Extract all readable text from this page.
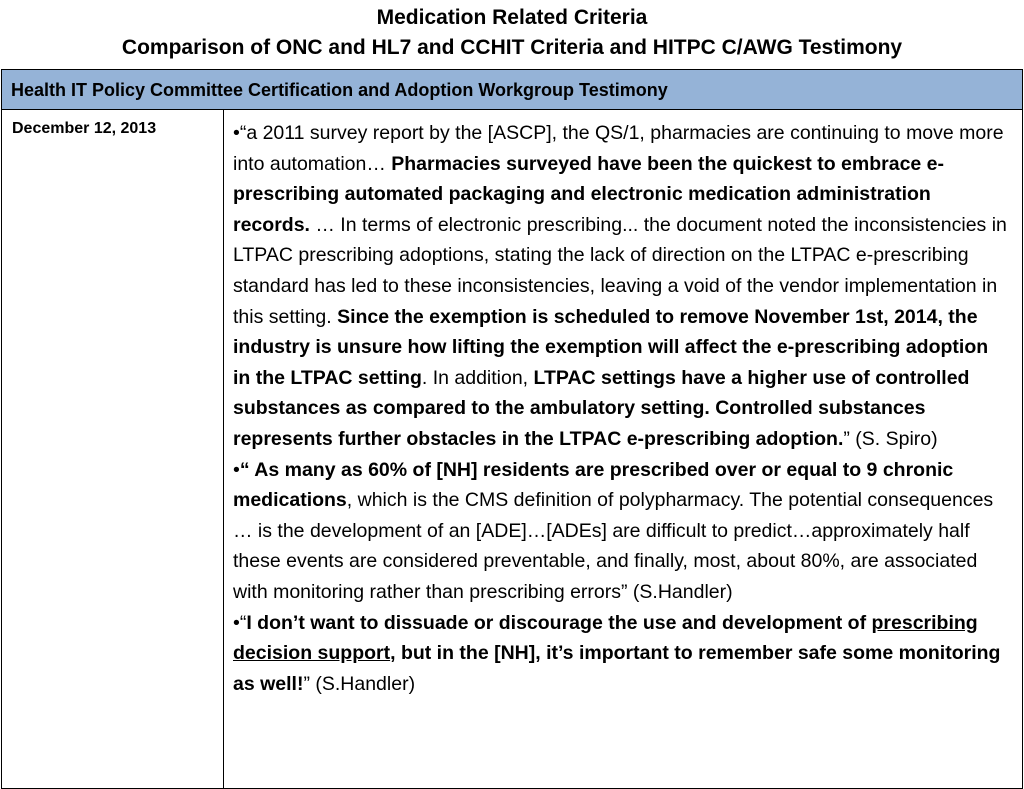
Medication Related Criteria
Comparison of ONC and HL7 and CCHIT Criteria and HITPC C/AWG Testimony
Health IT Policy Committee Certification and Adoption Workgroup Testimony
December 12, 2013	•“a 2011 survey report by the [ASCP], the QS/1, pharmacies are continuing to move more into automation… Pharmacies surveyed have been the quickest to embrace e-prescribing automated packaging and electronic medication administration records. … In terms of electronic prescribing... the document noted the inconsistencies in LTPAC prescribing adoptions, stating the lack of direction on the LTPAC e-prescribing standard has led to these inconsistencies, leaving a void of the vendor implementation in this setting. Since the exemption is scheduled to remove November 1st, 2014, the industry is unsure how lifting the exemption will affect the e-prescribing adoption in the LTPAC setting. In addition, LTPAC settings have a higher use of controlled substances as compared to the ambulatory setting. Controlled substances represents further obstacles in the LTPAC e-prescribing adoption.” (S. Spiro)

•“ As many as 60% of [NH] residents are prescribed over or equal to 9 chronic medications, which is the CMS definition of polypharmacy. The potential consequences … is the development of an [ADE]…[ADEs] are difficult to predict…approximately half these events are considered preventable, and finally, most, about 80%, are associated with monitoring rather than prescribing errors” (S.Handler)

•“I don’t want to dissuade or discourage the use and development of prescribing decision support, but in the [NH], it’s important to remember safe some monitoring as well!” (S.Handler)
